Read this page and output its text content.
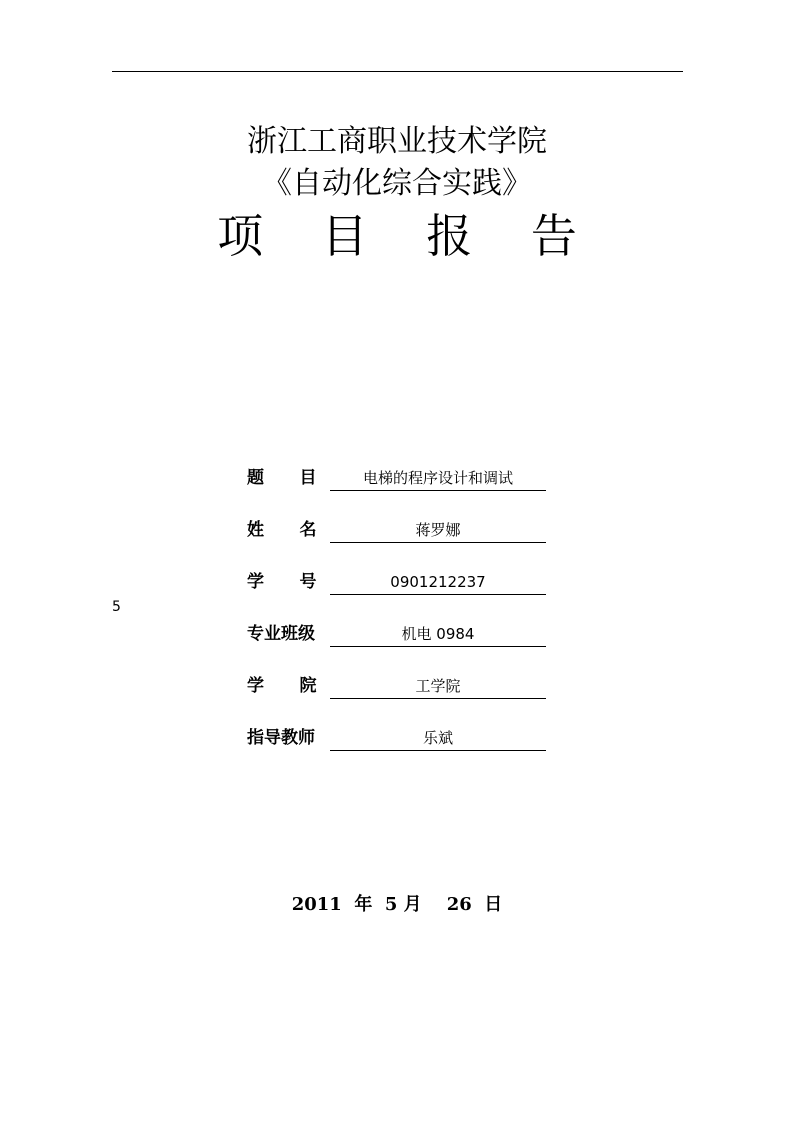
浙江工商职业技术学院
《自动化综合实践》
项 目 报 告
题      目	电梯的程序设计和调试
姓      名	蒋罗娜
学      号	0901212237
5
专业班级	机电 0984
学      院	工学院
指导教师	乐斌
2011  年  5 月    26  日
